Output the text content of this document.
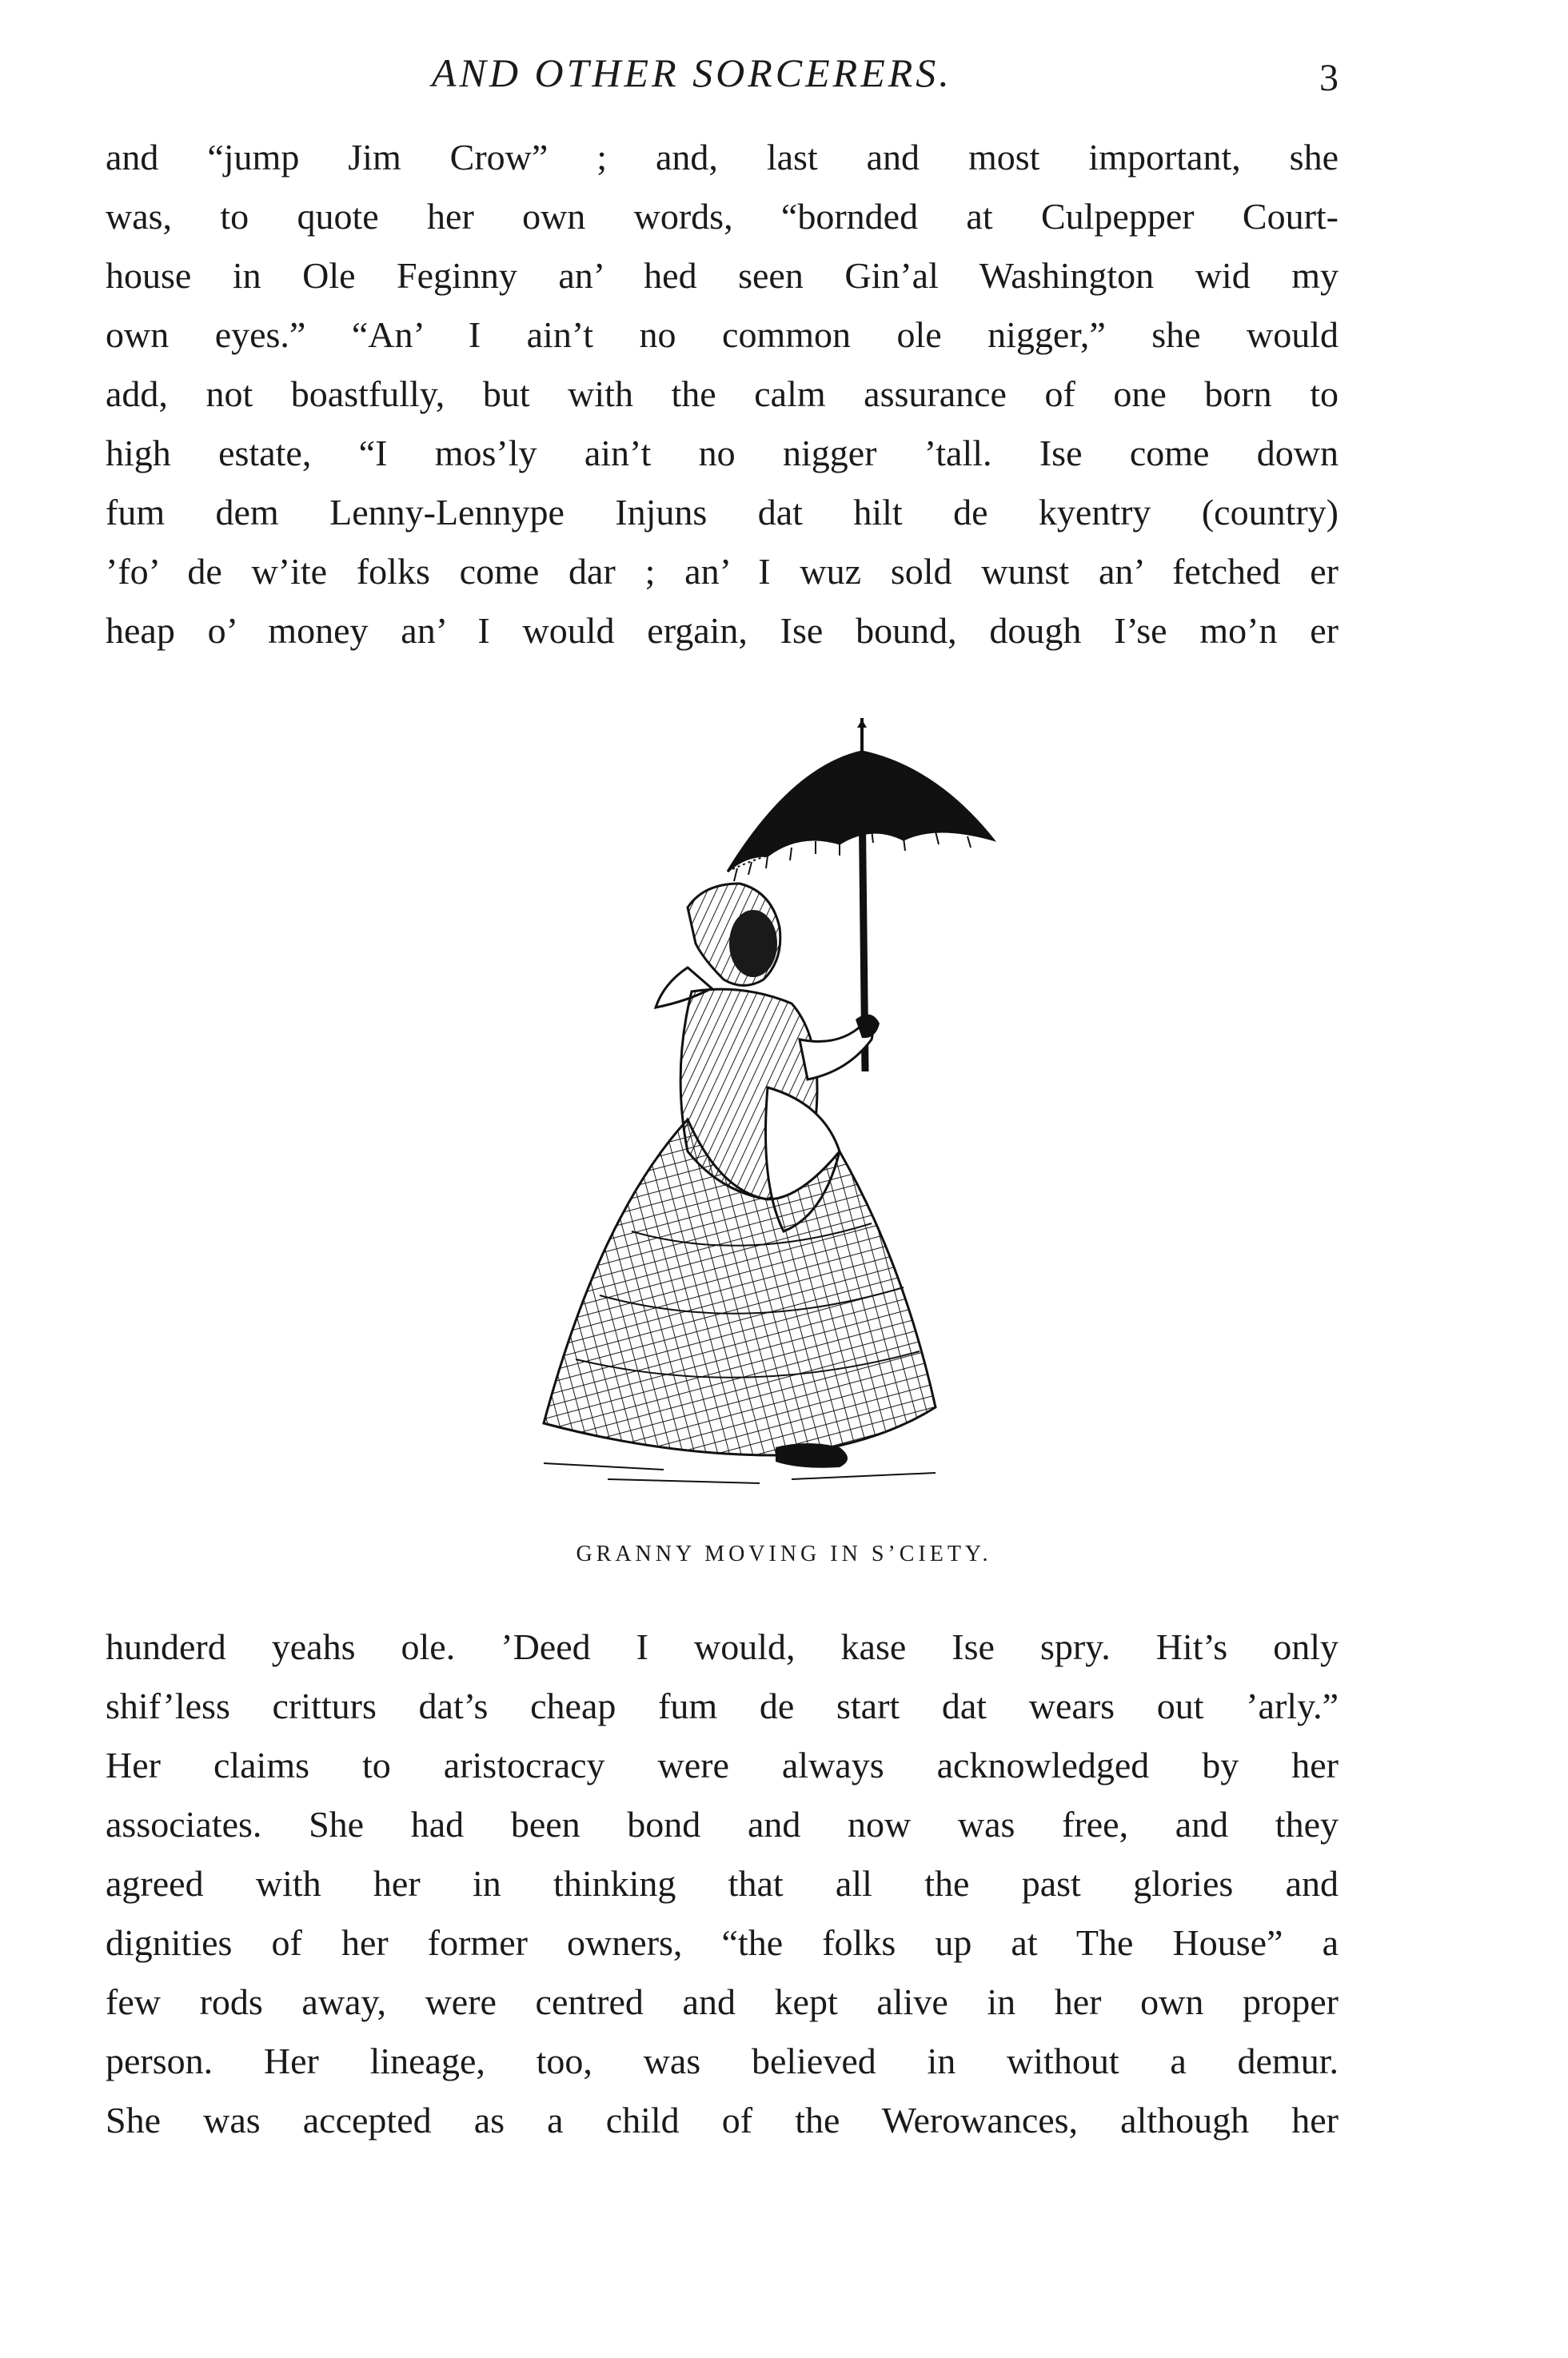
AND OTHER SORCERERS.	3
and “jump Jim Crow” ; and, last and most important, she
was, to quote her own words, “bornded at Culpepper Court-
house in Ole Feginny an’ hed seen Gin’al Washington wid my
own eyes.” “An’ I ain’t no common ole nigger,” she would
add, not boastfully, but with the calm assurance of one born to
high estate, “I mos’ly ain’t no nigger ’tall. Ise come down
fum dem Lenny-Lennype Injuns dat hilt de kyentry (country)
’fo’ de w’ite folks come dar ; an’ I wuz sold wunst an’ fetched er
heap o’ money an’ I would ergain, Ise bound, dough I’se mo’n er
GRANNY MOVING IN S’CIETY.
hunderd yeahs ole. ’Deed I would, kase Ise spry. Hit’s only
shif’less critturs dat’s cheap fum de start dat wears out ’arly.”
Her claims to aristocracy were always acknowledged by her
associates. She had been bond and now was free, and they
agreed with her in thinking that all the past glories and
dignities of her former owners, “the folks up at The House” a
few rods away, were centred and kept alive in her own proper
person. Her lineage, too, was believed in without a demur.
She was accepted as a child of the Werowances, although her
